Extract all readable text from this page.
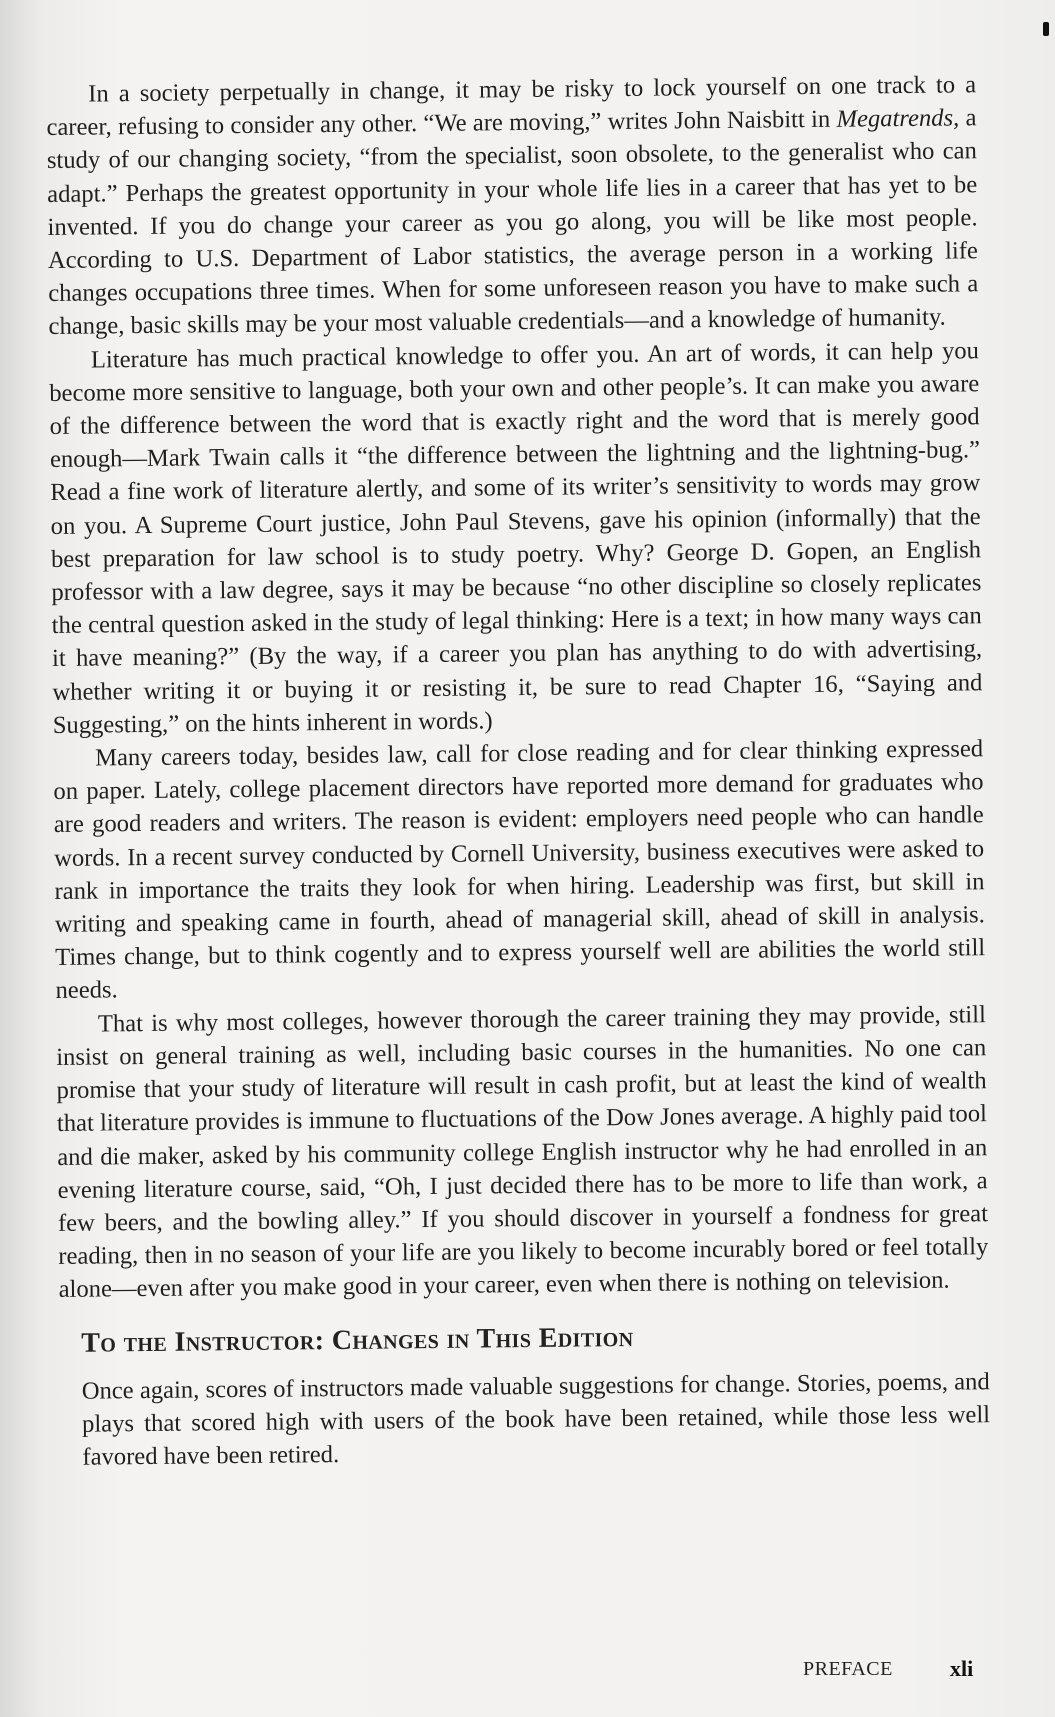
In a society perpetually in change, it may be risky to lock yourself on one track to a career, refusing to consider any other. “We are moving,” writes John Naisbitt in Megatrends, a study of our changing society, “from the specialist, soon obsolete, to the generalist who can adapt.” Perhaps the greatest opportunity in your whole life lies in a career that has yet to be invented. If you do change your career as you go along, you will be like most people. According to U.S. Department of Labor statistics, the average person in a working life changes occupations three times. When for some unforeseen reason you have to make such a change, basic skills may be your most valuable credentials—and a knowledge of humanity.

Literature has much practical knowledge to offer you. An art of words, it can help you become more sensitive to language, both your own and other people’s. It can make you aware of the difference between the word that is exactly right and the word that is merely good enough—Mark Twain calls it “the difference between the lightning and the lightning-bug.” Read a fine work of literature alertly, and some of its writer’s sensitivity to words may grow on you. A Supreme Court justice, John Paul Stevens, gave his opinion (informally) that the best preparation for law school is to study poetry. Why? George D. Gopen, an English professor with a law degree, says it may be because “no other discipline so closely replicates the central question asked in the study of legal thinking: Here is a text; in how many ways can it have meaning?” (By the way, if a career you plan has anything to do with advertising, whether writing it or buying it or resisting it, be sure to read Chapter 16, “Saying and Suggesting,” on the hints inherent in words.)

Many careers today, besides law, call for close reading and for clear thinking expressed on paper. Lately, college placement directors have reported more demand for graduates who are good readers and writers. The reason is evident: employers need people who can handle words. In a recent survey conducted by Cornell University, business executives were asked to rank in importance the traits they look for when hiring. Leadership was first, but skill in writing and speaking came in fourth, ahead of managerial skill, ahead of skill in analysis. Times change, but to think cogently and to express yourself well are abilities the world still needs.

That is why most colleges, however thorough the career training they may provide, still insist on general training as well, including basic courses in the humanities. No one can promise that your study of literature will result in cash profit, but at least the kind of wealth that literature provides is immune to fluctuations of the Dow Jones average. A highly paid tool and die maker, asked by his community college English instructor why he had enrolled in an evening literature course, said, “Oh, I just decided there has to be more to life than work, a few beers, and the bowling alley.” If you should discover in yourself a fondness for great reading, then in no season of your life are you likely to become incurably bored or feel totally alone—even after you make good in your career, even when there is nothing on television.

To the Instructor: Changes in This Edition

Once again, scores of instructors made valuable suggestions for change. Stories, poems, and plays that scored high with users of the book have been retained, while those less well favored have been retired.

PREFACE	xli
